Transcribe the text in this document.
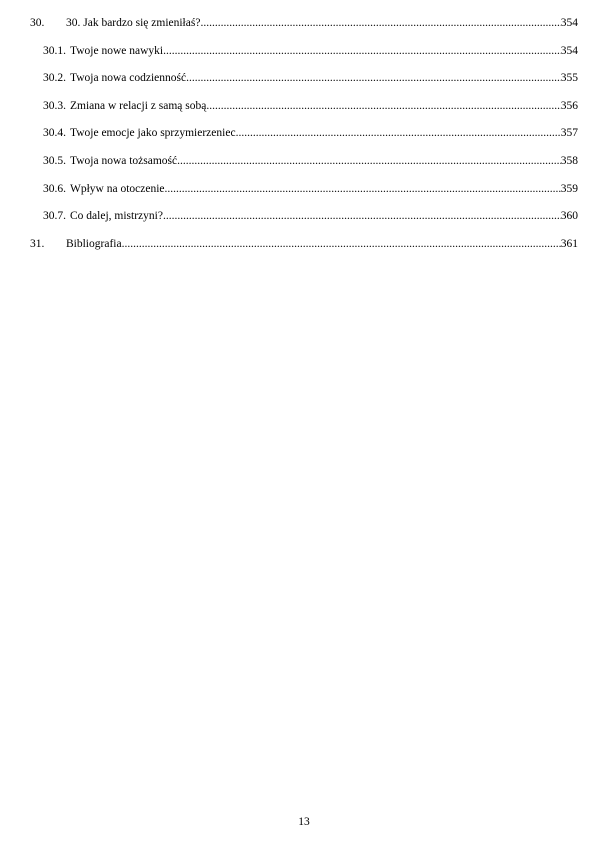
30.	30. Jak bardzo się zmieniłaś? .....	354
30.1. Twoje nowe nawyki .....	354
30.2. Twoja nowa codzienność .....	355
30.3. Zmiana w relacji z samą sobą .....	356
30.4. Twoje emocje jako sprzymierzeniec .....	357
30.5. Twoja nowa tożsamość .....	358
30.6. Wpływ na otoczenie .....	359
30.7. Co dalej, mistrzyni? .....	360
31.	Bibliografia .....	361
13
